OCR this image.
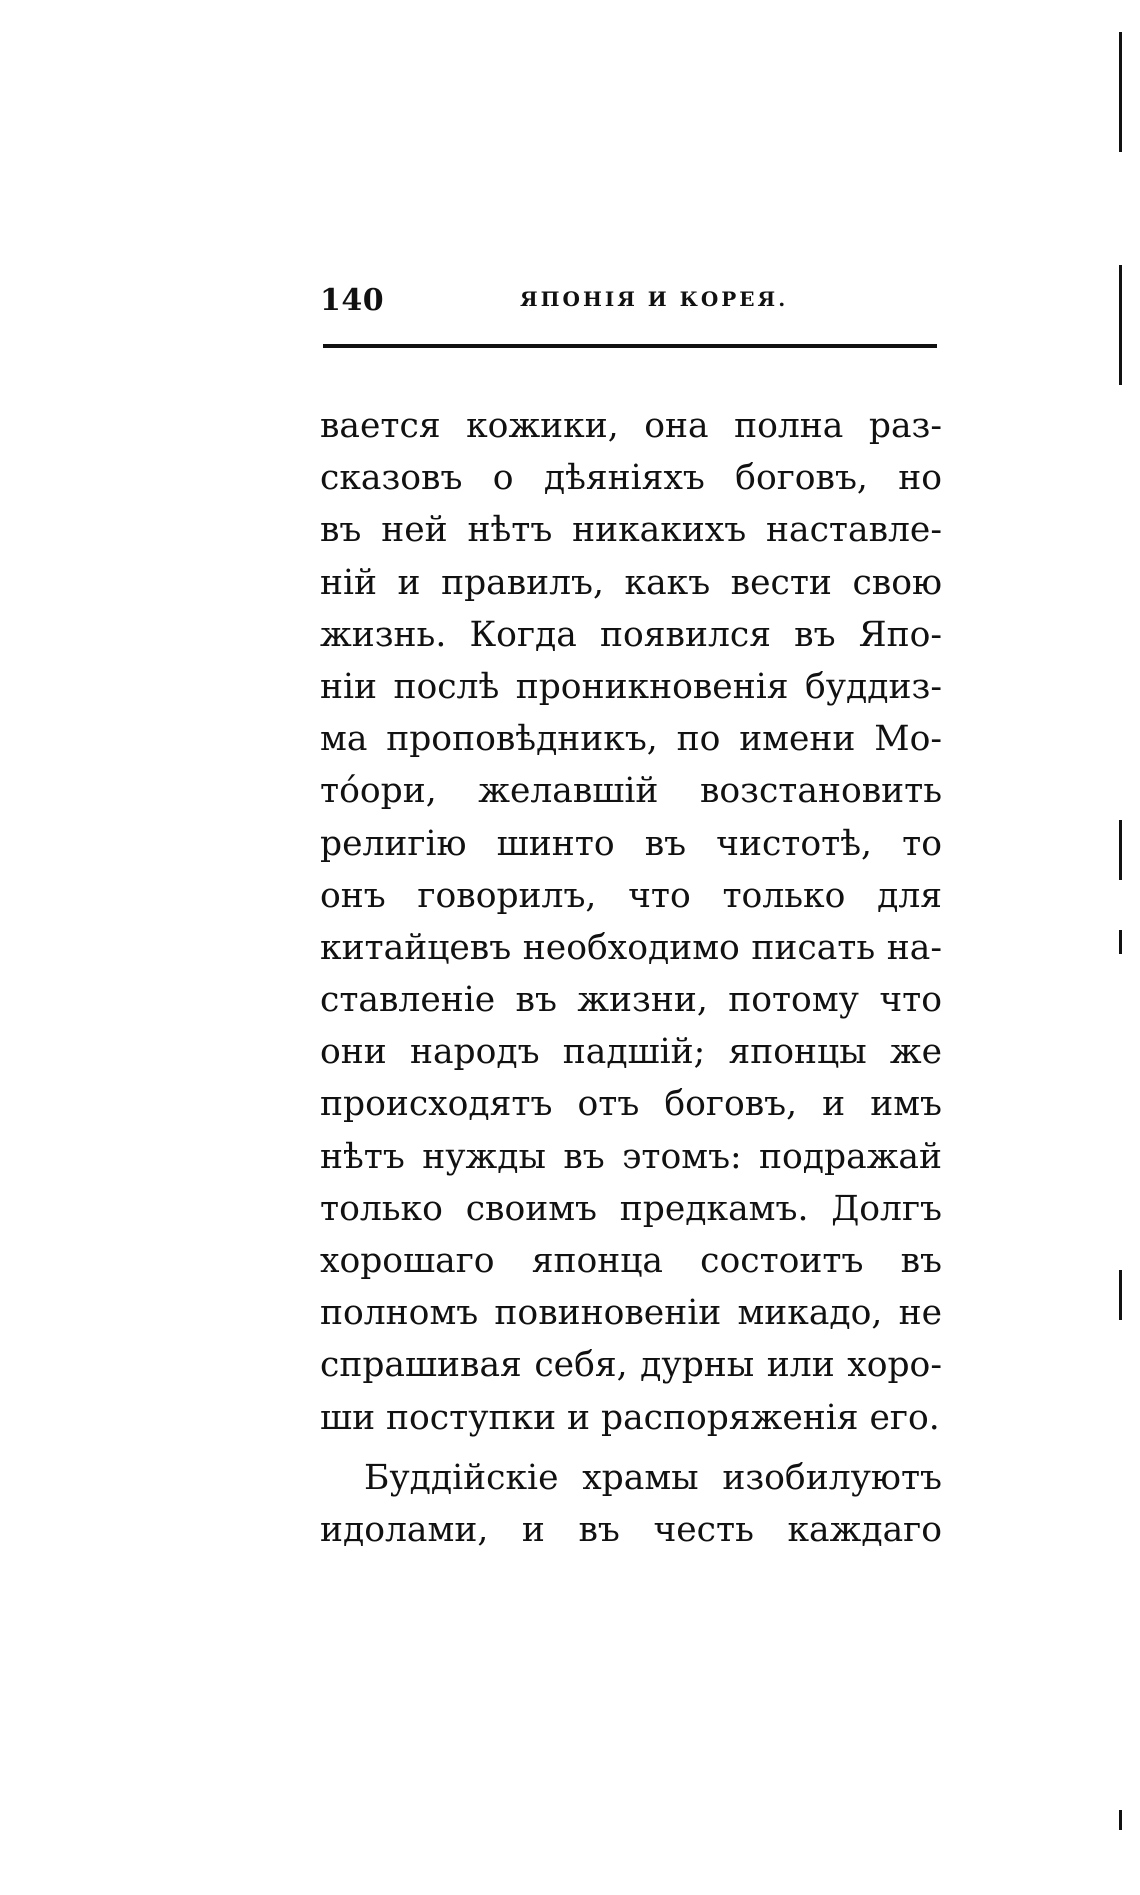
140	ЯПОНІЯ И КОРЕЯ.
вается кожики, она полна раз-
сказовъ о дѣяніяхъ боговъ, но
въ ней нѣтъ никакихъ наставле-
ній и правилъ, какъ вести свою
жизнь. Когда появился въ Япо-
ніи послѣ проникновенія буддиз-
ма проповѣдникъ, по имени Мо-
тóори, желавшій возстановить
религію шинто въ чистотѣ, то
онъ говорилъ, что только для
китайцевъ необходимо писать на-
ставленіе въ жизни, потому что
они народъ падшій; японцы же
происходятъ отъ боговъ, и имъ
нѣтъ нужды въ этомъ: подражай
только своимъ предкамъ. Долгъ
хорошаго японца состоитъ въ
полномъ повиновеніи микадо, не
спрашивая себя, дурны или хоро-
ши поступки и распоряженія его.
Буддійскіе храмы изобилуютъ
идолами, и въ честь каждаго
